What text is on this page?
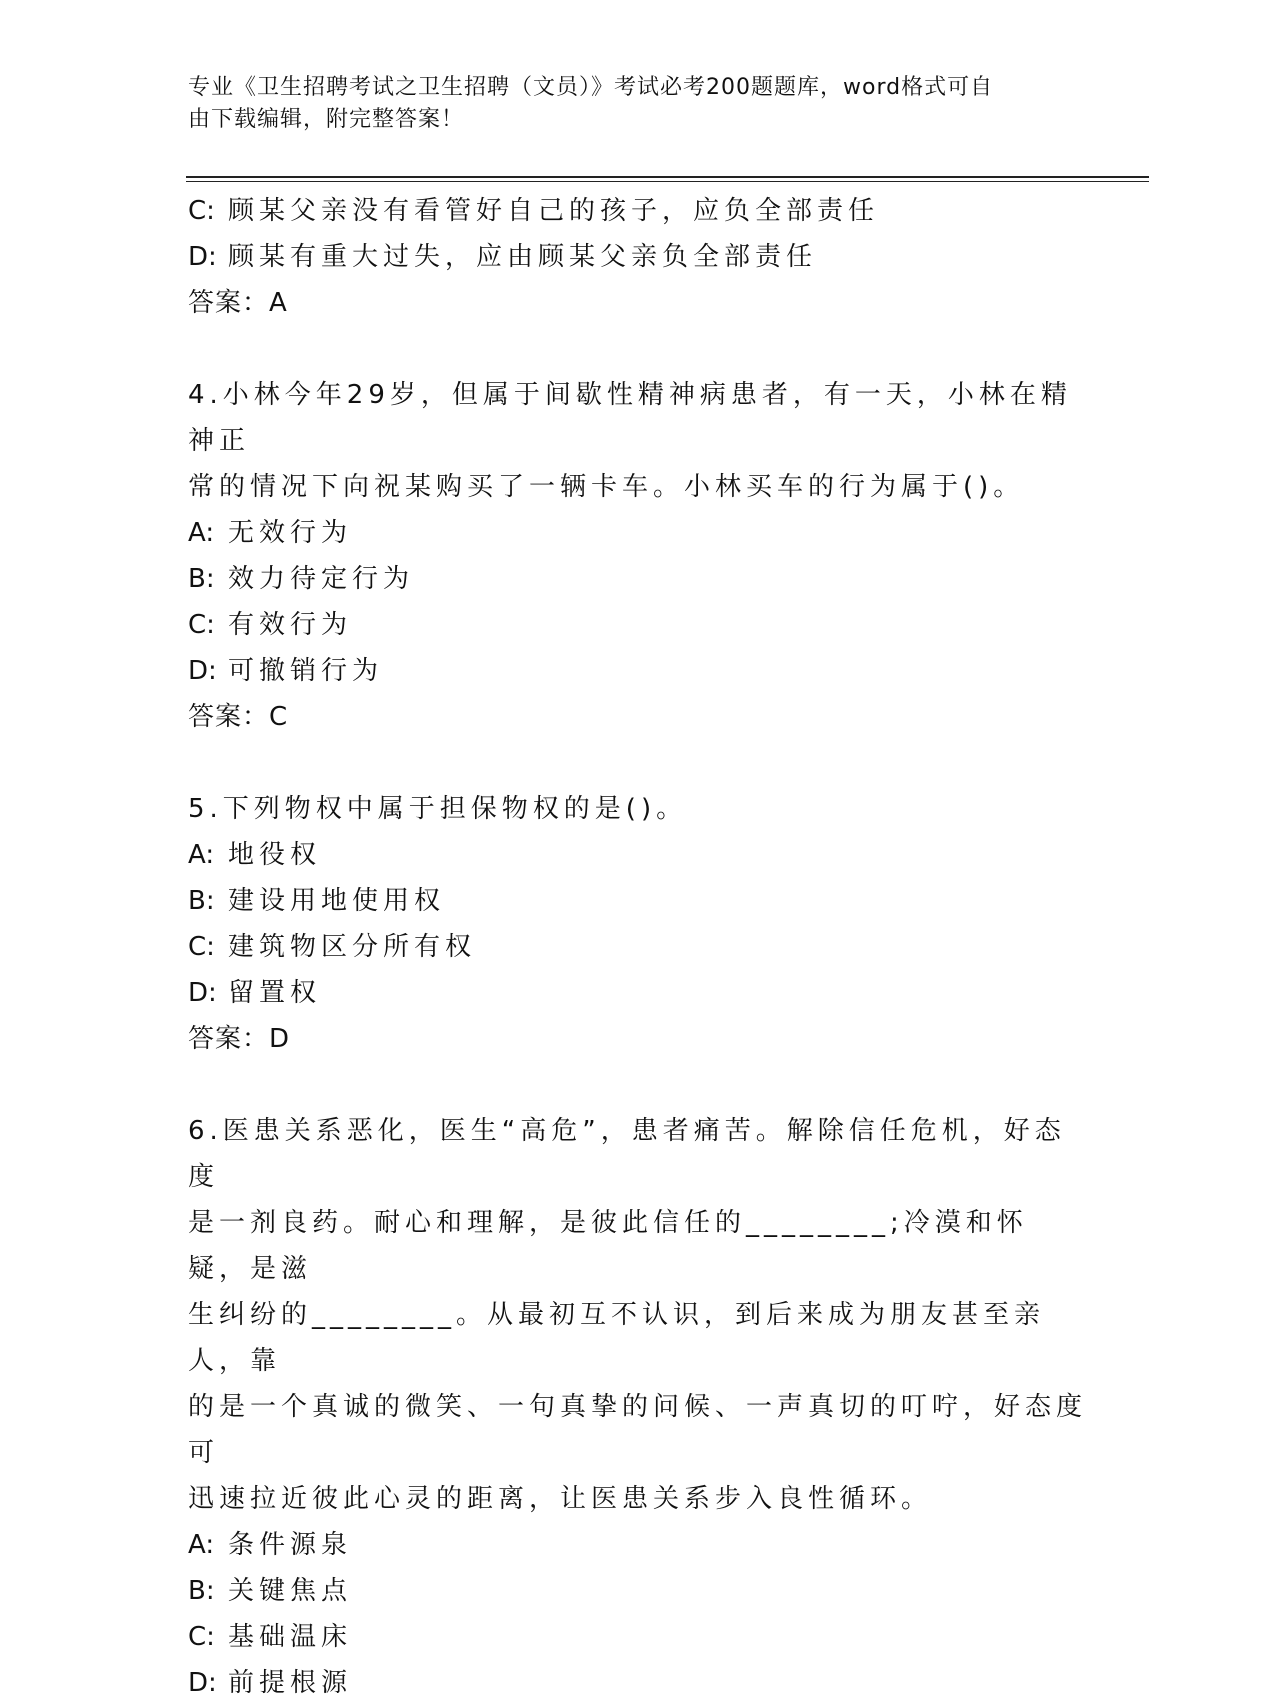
专业《卫生招聘考试之卫生招聘（文员）》考试必考200题题库，word格式可自
由下载编辑，附完整答案！
C: 顾某父亲没有看管好自己的孩子，应负全部责任
D: 顾某有重大过失，应由顾某父亲负全部责任
答案：A
4.小林今年29岁，但属于间歇性精神病患者，有一天，小林在精神正
常的情况下向祝某购买了一辆卡车。小林买车的行为属于()。
A: 无效行为
B: 效力待定行为
C: 有效行为
D: 可撤销行为
答案：C
5.下列物权中属于担保物权的是()。
A: 地役权
B: 建设用地使用权
C: 建筑物区分所有权
D: 留置权
答案：D
6.医患关系恶化，医生“高危”，患者痛苦。解除信任危机，好态度
是一剂良药。耐心和理解，是彼此信任的________;冷漠和怀疑，是滋
生纠纷的________。从最初互不认识，到后来成为朋友甚至亲人，靠
的是一个真诚的微笑、一句真挚的问候、一声真切的叮咛，好态度可
迅速拉近彼此心灵的距离，让医患关系步入良性循环。
A: 条件源泉
B: 关键焦点
C: 基础温床
D: 前提根源
